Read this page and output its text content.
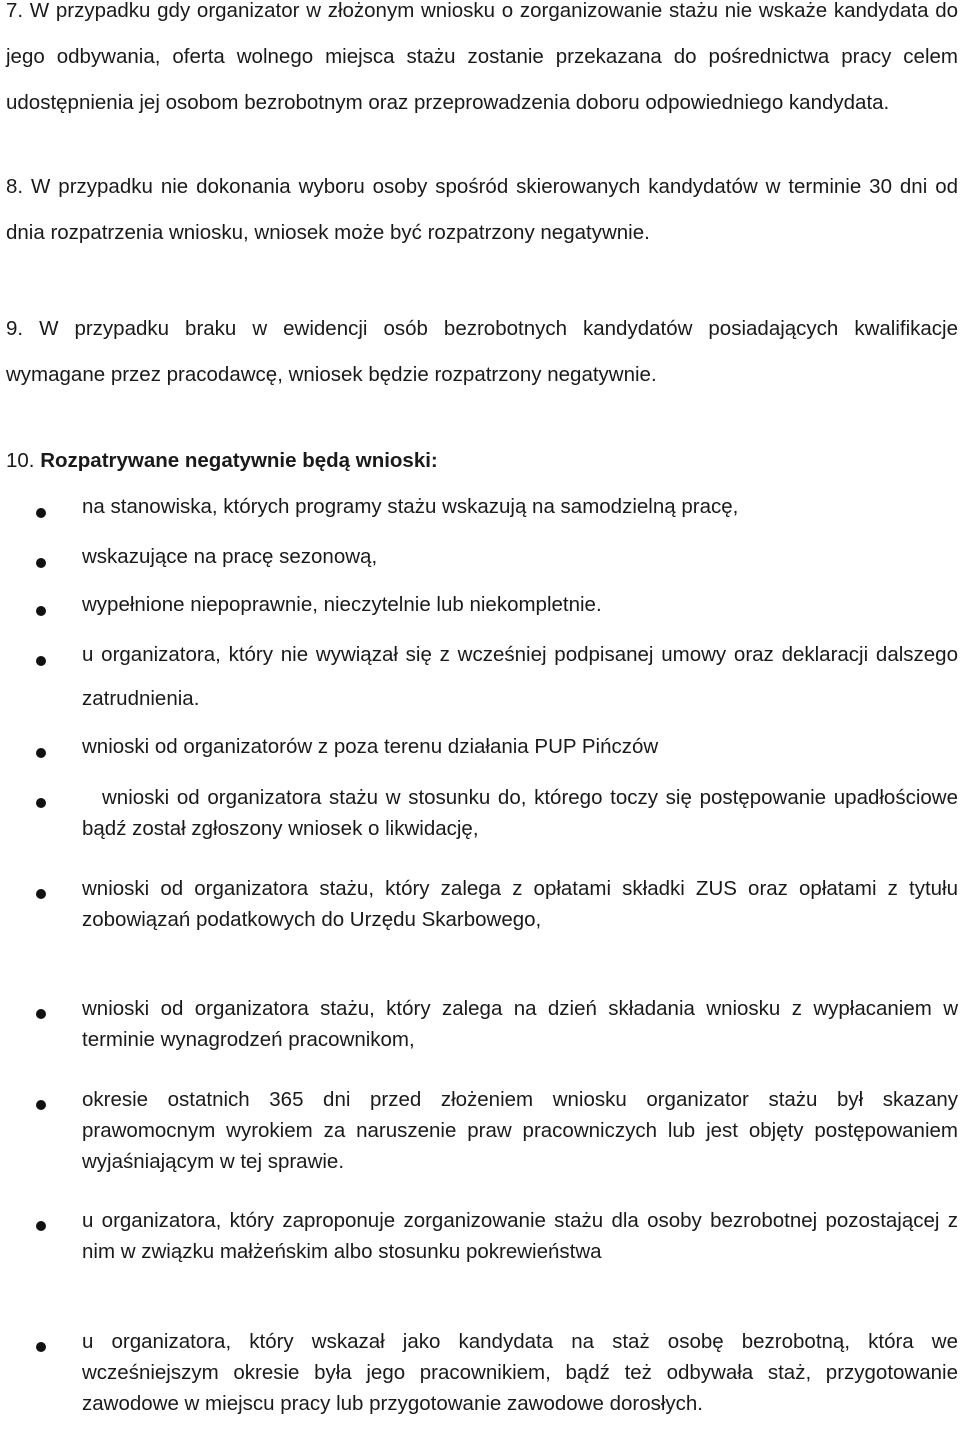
7. W przypadku gdy organizator w złożonym wniosku o zorganizowanie stażu nie wskaże kandydata do jego odbywania, oferta wolnego miejsca stażu zostanie przekazana do pośrednictwa pracy celem udostępnienia jej osobom bezrobotnym oraz przeprowadzenia doboru odpowiedniego kandydata.

8. W przypadku nie dokonania wyboru osoby spośród skierowanych kandydatów w terminie 30 dni od dnia rozpatrzenia wniosku, wniosek może być rozpatrzony negatywnie.

9. W przypadku braku w ewidencji osób bezrobotnych kandydatów posiadających kwalifikacje wymagane przez pracodawcę, wniosek będzie rozpatrzony negatywnie.

10. Rozpatrywane negatywnie będą wnioski:

na stanowiska, których programy stażu wskazują na samodzielną pracę,

wskazujące na pracę sezonową,

wypełnione niepoprawnie, nieczytelnie lub niekompletnie.

u organizatora, który nie wywiązał się z wcześniej podpisanej umowy oraz deklaracji dalszego zatrudnienia.

wnioski od organizatorów z poza terenu działania PUP Pińczów

wnioski od organizatora stażu w stosunku do, którego toczy się postępowanie upadłościowe bądź został zgłoszony wniosek o likwidację,

wnioski od organizatora stażu, który zalega z opłatami składki ZUS oraz opłatami z tytułu zobowiązań podatkowych do Urzędu Skarbowego,

wnioski od organizatora stażu, który zalega na dzień składania wniosku z wypłacaniem w terminie wynagrodzeń pracownikom,

okresie ostatnich 365 dni przed złożeniem wniosku organizator stażu był skazany prawomocnym wyrokiem za naruszenie praw pracowniczych lub jest objęty postępowaniem wyjaśniającym w tej sprawie.

u organizatora, który zaproponuje zorganizowanie stażu dla osoby bezrobotnej pozostającej z nim w związku małżeńskim albo stosunku pokrewieństwa

u organizatora, który wskazał jako kandydata na staż osobę bezrobotną, która we wcześniejszym okresie była jego pracownikiem, bądź też odbywała staż, przygotowanie zawodowe w miejscu pracy lub przygotowanie zawodowe dorosłych.
